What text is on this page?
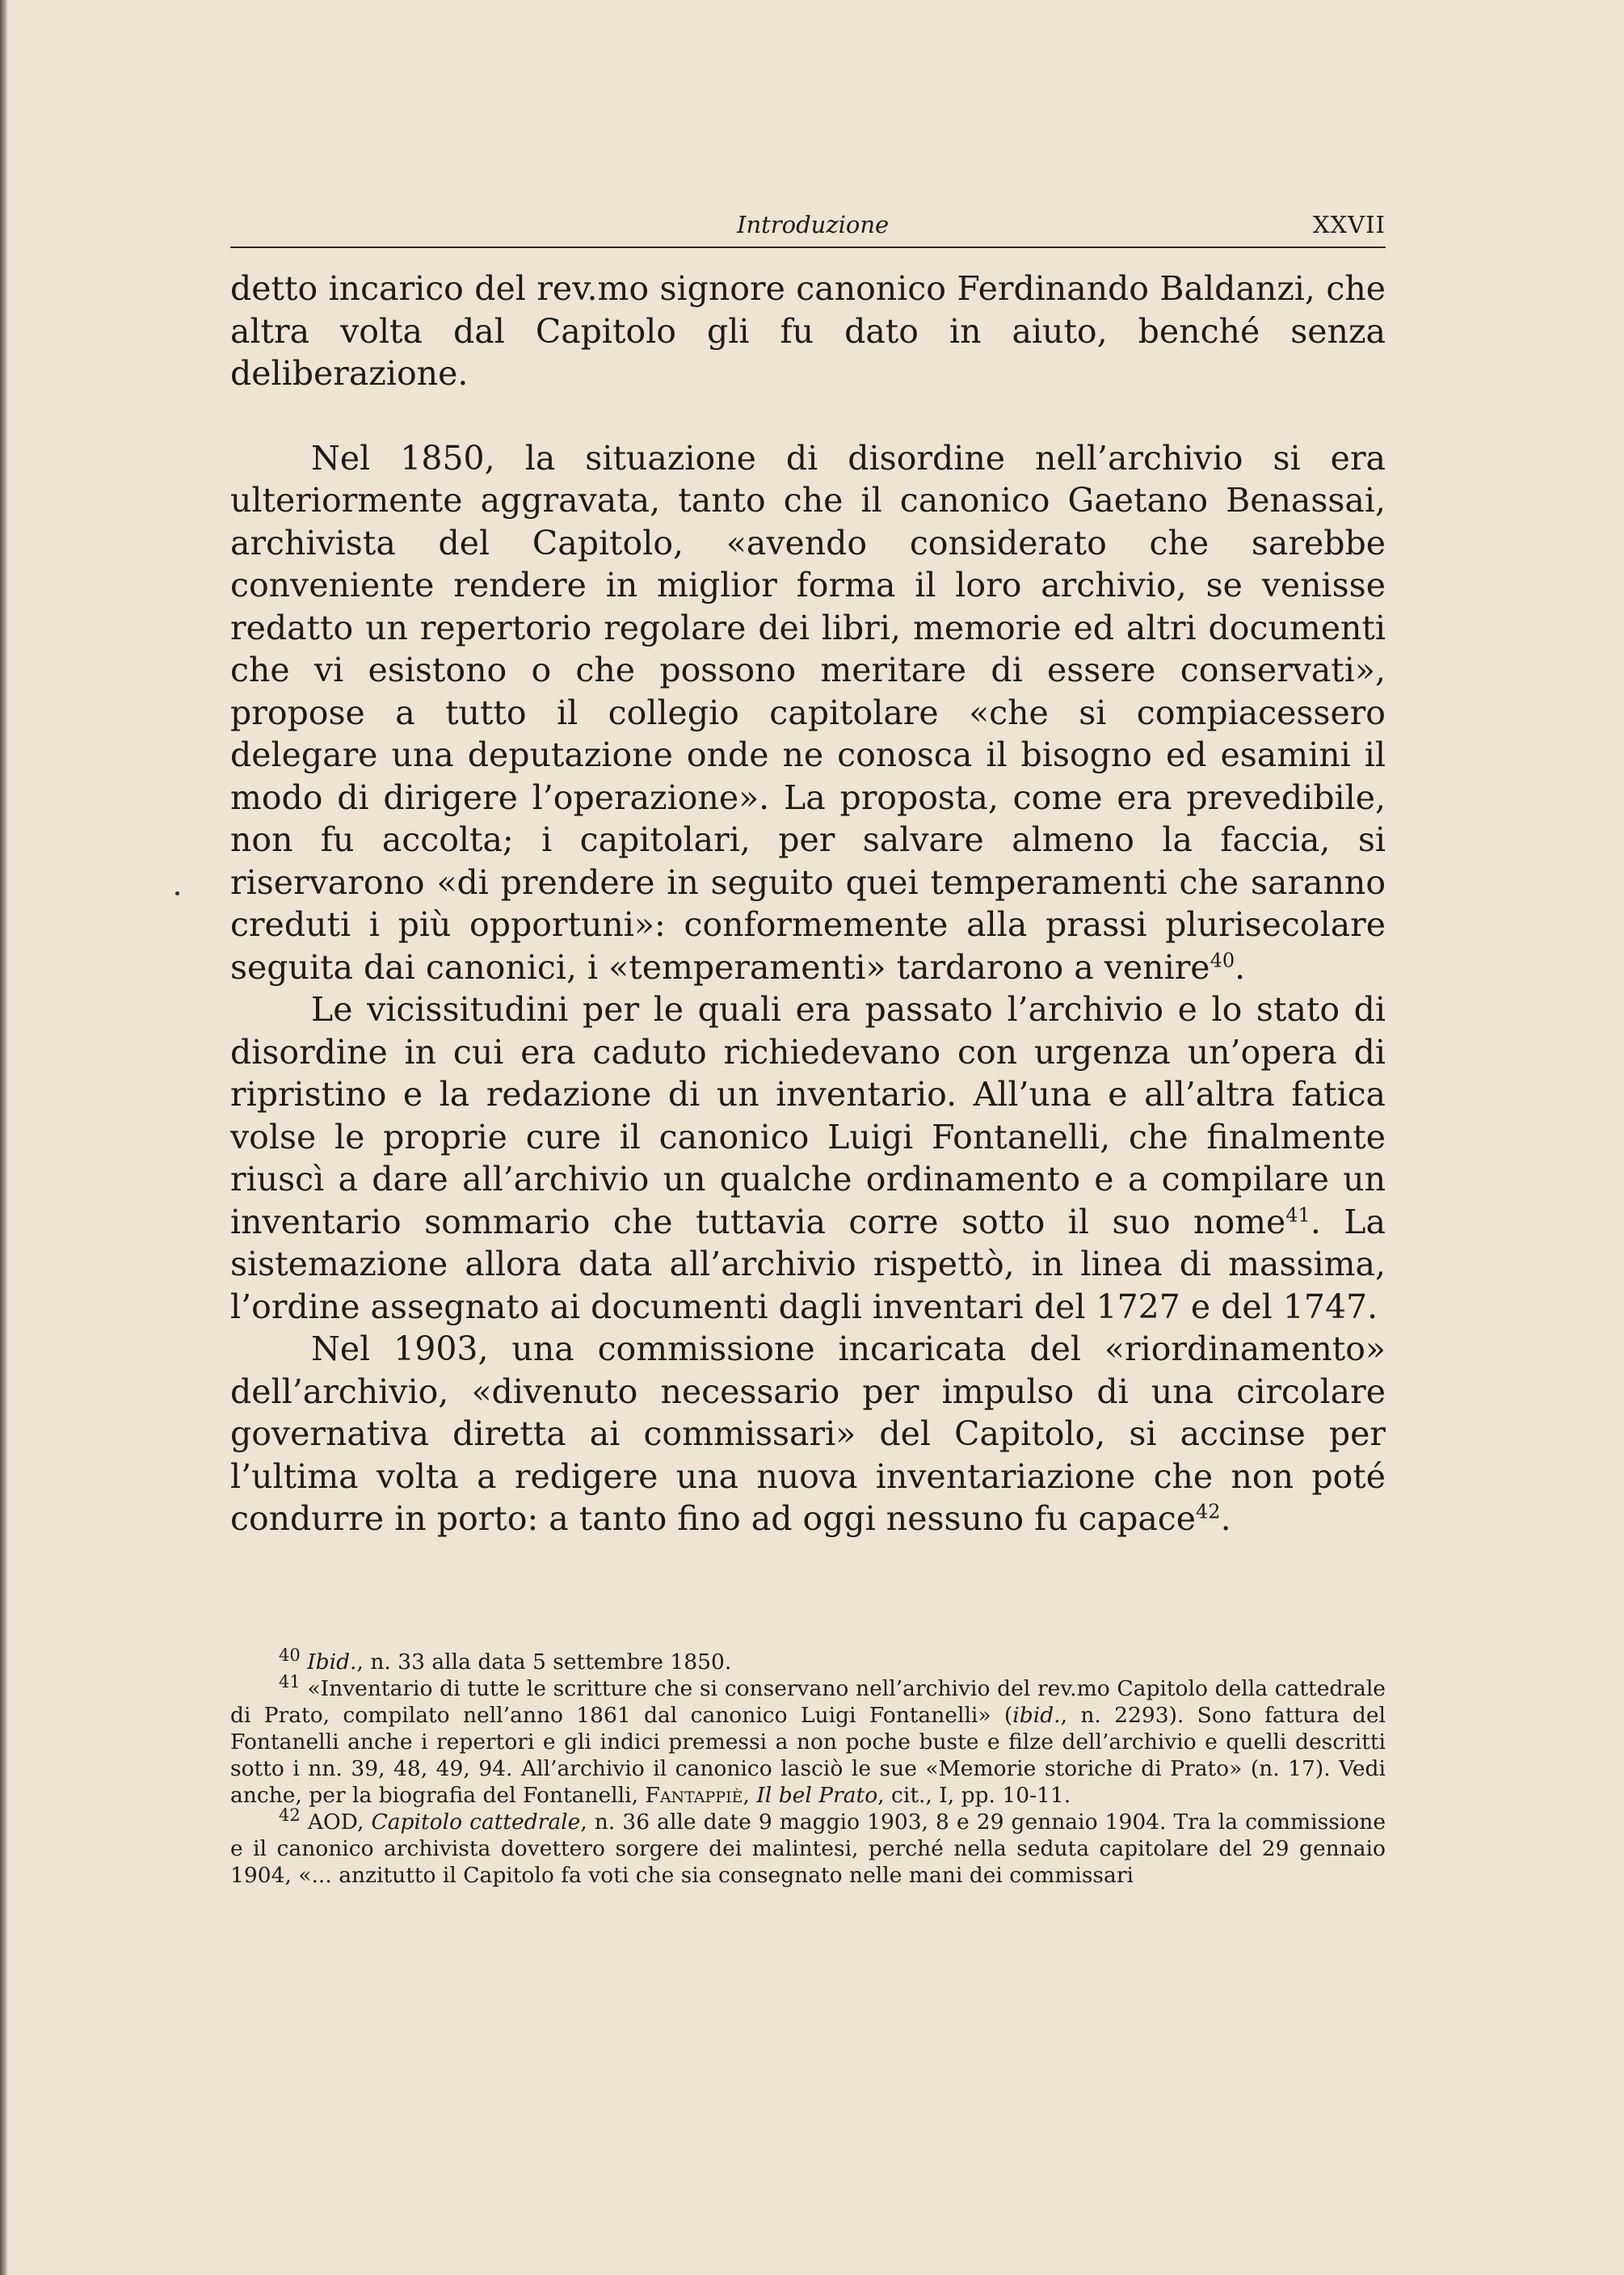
Introduzione	XXVII

detto incarico del rev.mo signore canonico Ferdinando Baldanzi, che altra volta dal Capitolo gli fu dato in aiuto, benché senza deliberazione.

Nel 1850, la situazione di disordine nell’archivio si era ulteriormente aggravata, tanto che il canonico Gaetano Benassai, archivista del Capitolo, «avendo considerato che sarebbe conveniente rendere in miglior forma il loro archivio, se venisse redatto un repertorio regolare dei libri, memorie ed altri documenti che vi esistono o che possono meritare di essere conservati», propose a tutto il collegio capitolare «che si compiacessero delegare una deputazione onde ne conosca il bisogno ed esamini il modo di dirigere l’operazione». La proposta, come era prevedibile, non fu accolta; i capitolari, per salvare almeno la faccia, si riservarono «di prendere in seguito quei temperamenti che saranno creduti i più opportuni»: conformemente alla prassi plurisecolare seguita dai canonici, i «temperamenti» tardarono a venire$^{40}$.

Le vicissitudini per le quali era passato l’archivio e lo stato di disordine in cui era caduto richiedevano con urgenza un’opera di ripristino e la redazione di un inventario. All’una e all’altra fatica volse le proprie cure il canonico Luigi Fontanelli, che finalmente riuscì a dare all’archivio un qualche ordinamento e a compilare un inventario sommario che tuttavia corre sotto il suo nome$^{41}$. La sistemazione allora data all’archivio rispettò, in linea di massima, l’ordine assegnato ai documenti dagli inventari del 1727 e del 1747.

Nel 1903, una commissione incaricata del «riordinamento» dell’archivio, «divenuto necessario per impulso di una circolare governativa diretta ai commissari» del Capitolo, si accinse per l’ultima volta a redigere una nuova inventariazione che non poté condurre in porto: a tanto fino ad oggi nessuno fu capace$^{42}$.

$^{40}$ Ibid., n. 33 alla data 5 settembre 1850.

$^{41}$ «Inventario di tutte le scritture che si conservano nell’archivio del rev.mo Capitolo della cattedrale di Prato, compilato nell’anno 1861 dal canonico Luigi Fontanelli» (ibid., n. 2293). Sono fattura del Fontanelli anche i repertori e gli indici premessi a non poche buste e filze dell’archivio e quelli descritti sotto i nn. 39, 48, 49, 94. All’archivio il canonico lasciò le sue «Memorie storiche di Prato» (n. 17). Vedi anche, per la biografia del Fontanelli, Fantappiè, Il bel Prato, cit., I, pp. 10-11.

$^{42}$ AOD, Capitolo cattedrale, n. 36 alle date 9 maggio 1903, 8 e 29 gennaio 1904. Tra la commissione e il canonico archivista dovettero sorgere dei malintesi, perché nella seduta capitolare del 29 gennaio 1904, «... anzitutto il Capitolo fa voti che sia consegnato nelle mani dei commissari
